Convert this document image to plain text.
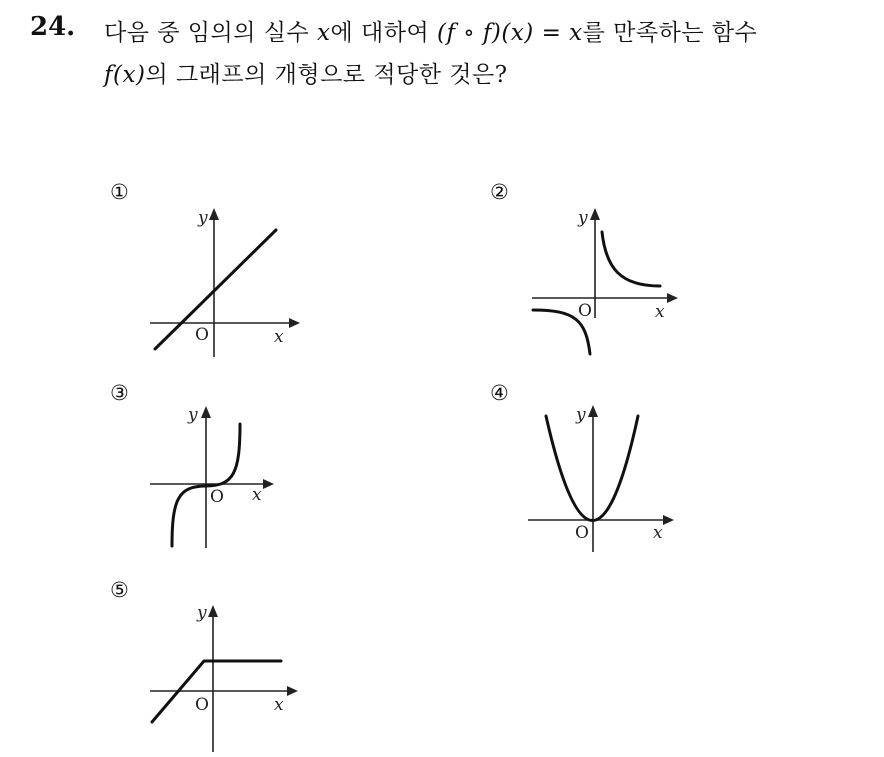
24. 다음 중 임의의 실수 x에 대하여 (f ∘ f)(x) = x를 만족하는 함수
f(x)의 그래프의 개형으로 적당한 것은?
①
y
x
O
②
y
x
O
③
y
x
O
④
y
x
O
⑤
y
x
O
